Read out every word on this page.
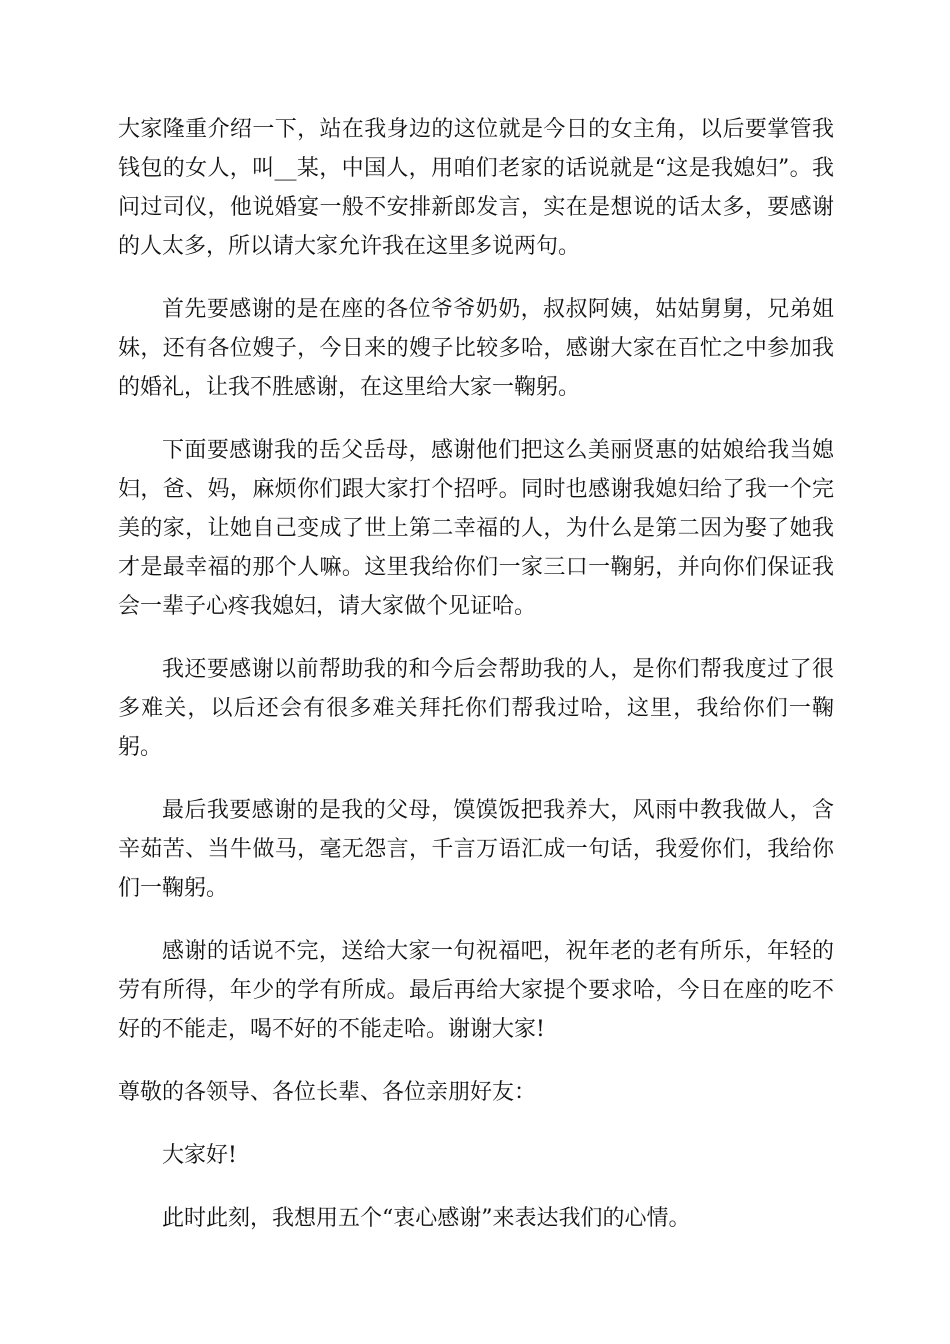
大家隆重介绍一下，站在我身边的这位就是今日的女主角，以后要掌管我钱包的女人，叫__某，中国人，用咱们老家的话说就是“这是我媳妇”。我问过司仪，他说婚宴一般不安排新郎发言，实在是想说的话太多，要感谢的人太多，所以请大家允许我在这里多说两句。

首先要感谢的是在座的各位爷爷奶奶，叔叔阿姨，姑姑舅舅，兄弟姐妹，还有各位嫂子，今日来的嫂子比较多哈，感谢大家在百忙之中参加我的婚礼，让我不胜感谢，在这里给大家一鞠躬。

下面要感谢我的岳父岳母，感谢他们把这么美丽贤惠的姑娘给我当媳妇，爸、妈，麻烦你们跟大家打个招呼。同时也感谢我媳妇给了我一个完美的家，让她自己变成了世上第二幸福的人，为什么是第二因为娶了她我才是最幸福的那个人嘛。这里我给你们一家三口一鞠躬，并向你们保证我会一辈子心疼我媳妇，请大家做个见证哈。

我还要感谢以前帮助我的和今后会帮助我的人，是你们帮我度过了很多难关，以后还会有很多难关拜托你们帮我过哈，这里，我给你们一鞠躬。

最后我要感谢的是我的父母，馍馍饭把我养大，风雨中教我做人，含辛茹苦、当牛做马，毫无怨言，千言万语汇成一句话，我爱你们，我给你们一鞠躬。

感谢的话说不完，送给大家一句祝福吧，祝年老的老有所乐，年轻的劳有所得，年少的学有所成。最后再给大家提个要求哈，今日在座的吃不好的不能走，喝不好的不能走哈。谢谢大家!

尊敬的各领导、各位长辈、各位亲朋好友：

大家好!

此时此刻，我想用五个“衷心感谢”来表达我们的心情。
